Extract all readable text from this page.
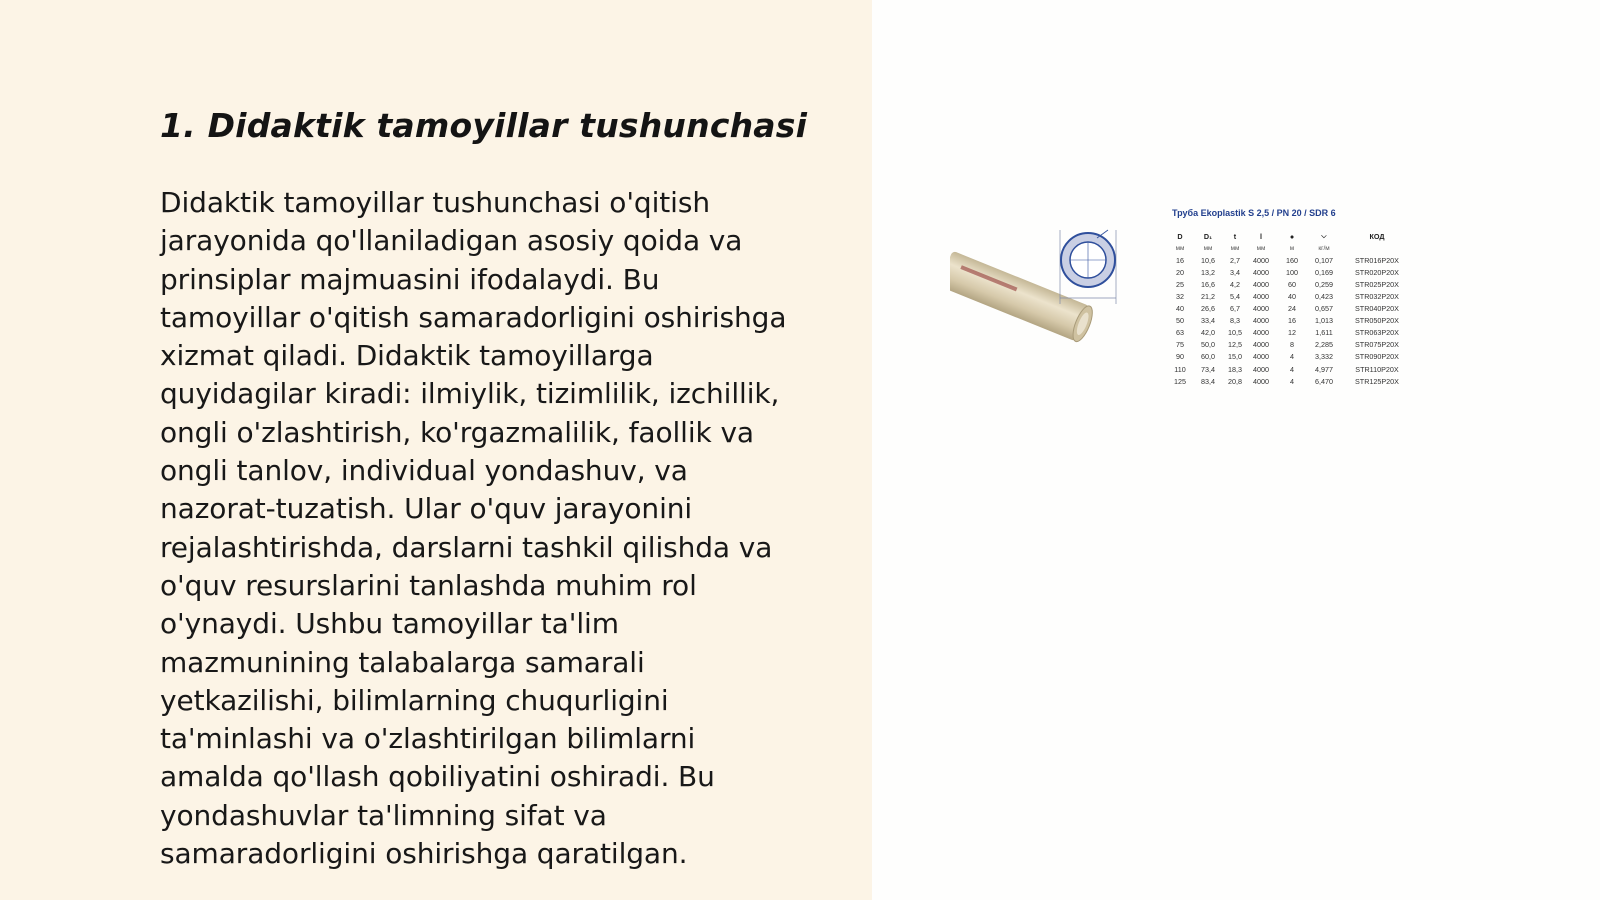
1. Didaktik tamoyillar tushunchasi

Didaktik tamoyillar tushunchasi o'qitish
jarayonida qo'llaniladigan asosiy qoida va
prinsiplar majmuasini ifodalaydi. Bu
tamoyillar o'qitish samaradorligini oshirishga
xizmat qiladi. Didaktik tamoyillarga
quyidagilar kiradi: ilmiylik, tizimlilik, izchillik,
ongli o'zlashtirish, ko'rgazmalilik, faollik va
ongli tanlov, individual yondashuv, va
nazorat-tuzatish. Ular o'quv jarayonini
rejalashtirishda, darslarni tashkil qilishda va
o'quv resurslarini tanlashda muhim rol
o'ynaydi. Ushbu tamoyillar ta'lim
mazmunining talabalarga samarali
yetkazilishi, bilimlarning chuqurligini
ta'minlashi va o'zlashtirilgan bilimlarni
amalda qo'llash qobiliyatini oshiradi. Bu
yondashuvlar ta'limning sifat va
samaradorligini oshirishga qaratilgan.

Труба Ekoplastik S 2,5 / PN 20 / SDR 6
D	D₁	t	l	●	⌵	КОД
мм	мм	мм	мм	м	кг/м	
16	10,6	2,7	4000	160	0,107	STR016P20X
20	13,2	3,4	4000	100	0,169	STR020P20X
25	16,6	4,2	4000	60	0,259	STR025P20X
32	21,2	5,4	4000	40	0,423	STR032P20X
40	26,6	6,7	4000	24	0,657	STR040P20X
50	33,4	8,3	4000	16	1,013	STR050P20X
63	42,0	10,5	4000	12	1,611	STR063P20X
75	50,0	12,5	4000	8	2,285	STR075P20X
90	60,0	15,0	4000	4	3,332	STR090P20X
110	73,4	18,3	4000	4	4,977	STR110P20X
125	83,4	20,8	4000	4	6,470	STR125P20X
